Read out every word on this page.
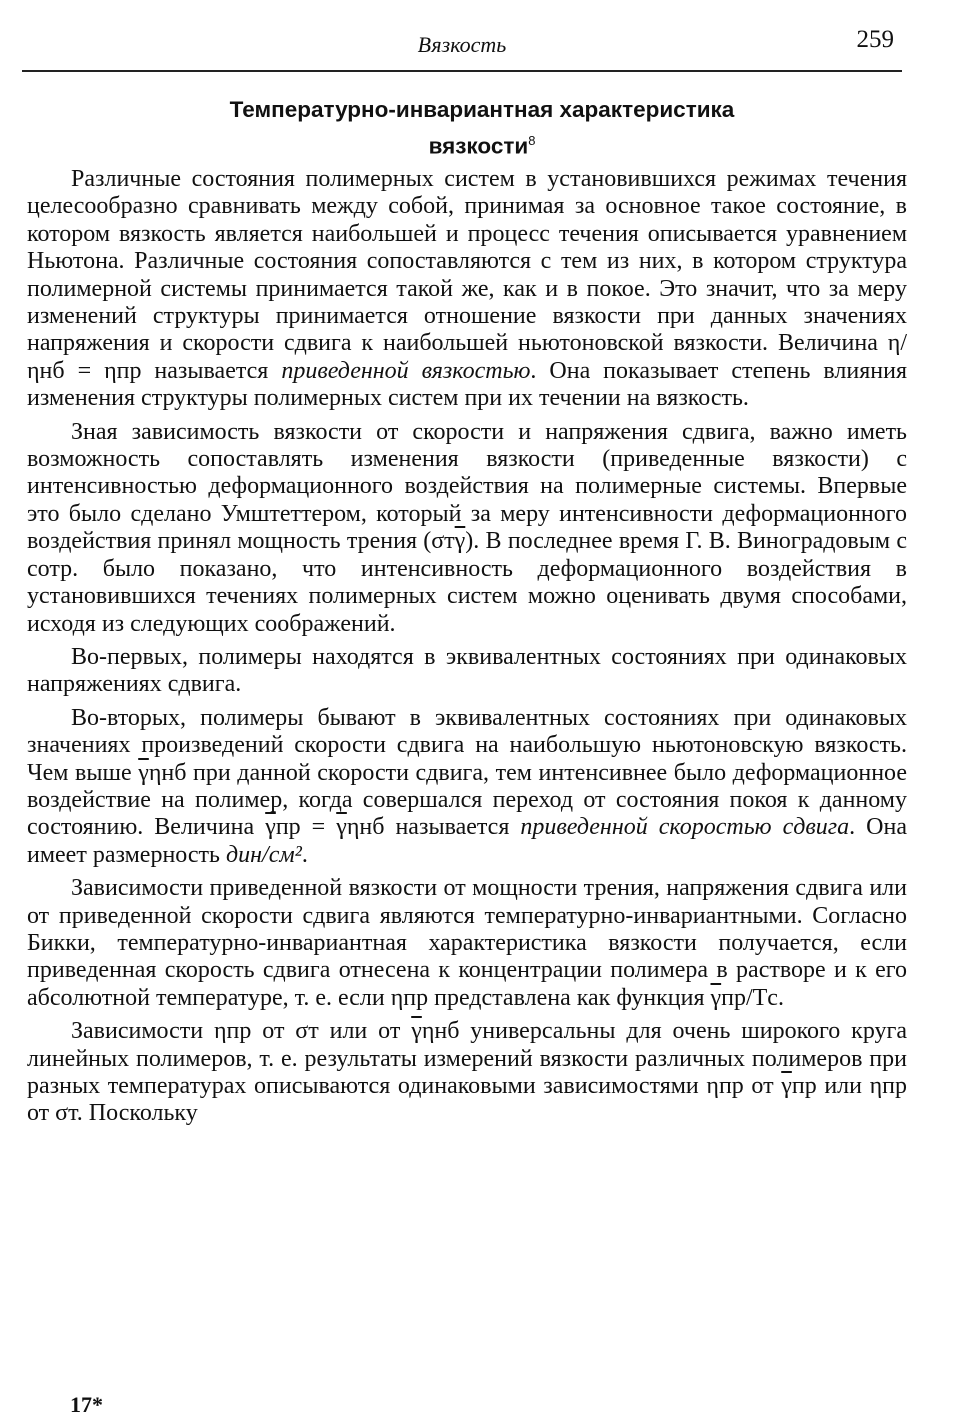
Вязкость	259
Температурно-инвариантная характеристика
вязкости$^8$

Различные состояния полимерных систем в установившихся режимах течения целесообразно сравнивать между собой, принимая за основное такое состояние, в котором вязкость является наибольшей и процесс течения описывается уравнением Ньютона. Различные состояния сопоставляются с тем из них, в котором структура полимерной системы принимается такой же, как и в покое. Это значит, что за меру изменений структуры принимается отношение вязкости при данных значениях напряжения и скорости сдвига к наибольшей ньютоновской вязкости. Величина η/ηнб = ηпр называется приведенной вязкостью. Она показывает степень влияния изменения структуры полимерных систем при их течении на вязкость.

Зная зависимость вязкости от скорости и напряжения сдвига, важно иметь возможность сопоставлять изменения вязкости (приведенные вязкости) с интенсивностью деформационного воздействия на полимерные системы. Впервые это было сделано Умштеттером, который за меру интенсивности деформационного воздействия принял мощность трения $(\sigma т\overline{\gamma})$. В последнее время Г. В. Виноградовым с сотр. было показано, что интенсивность деформационного воздействия в установившихся течениях полимерных систем можно оценивать двумя способами, исходя из следующих соображений.

Во-первых, полимеры находятся в эквивалентных состояниях при одинаковых напряжениях сдвига.

Во-вторых, полимеры бывают в эквивалентных состояниях при одинаковых значениях произведений скорости сдвига на наибольшую ньютоновскую вязкость. Чем выше $\overline{\gamma}\eta нб$ при данной скорости сдвига, тем интенсивнее было деформационное воздействие на полимер, когда совершался переход от состояния покоя к данному состоянию. Величина $\overline{\gamma}пр = \overline{\gamma}\eta нб$ называется приведенной скоростью сдвига. Она имеет размерность дин/см².

Зависимости приведенной вязкости от мощности трения, напряжения сдвига или от приведенной скорости сдвига являются температурно-инвариантными. Согласно Бикки, температурно-инвариантная характеристика вязкости получается, если приведенная скорость сдвига отнесена к концентрации полимера в растворе и к его абсолютной температуре, т. е. если ηпр представлена как функция $\overline{\gamma}пр/Tс$.

Зависимости ηпр от σт или от $\overline{\gamma}\eta нб$ универсальны для очень широкого круга линейных полимеров, т. е. результаты измерений вязкости различных полимеров при разных температурах описываются одинаковыми зависимостями ηпр от $\overline{\gamma}пр$ или ηпр от σт. Поскольку

17*
